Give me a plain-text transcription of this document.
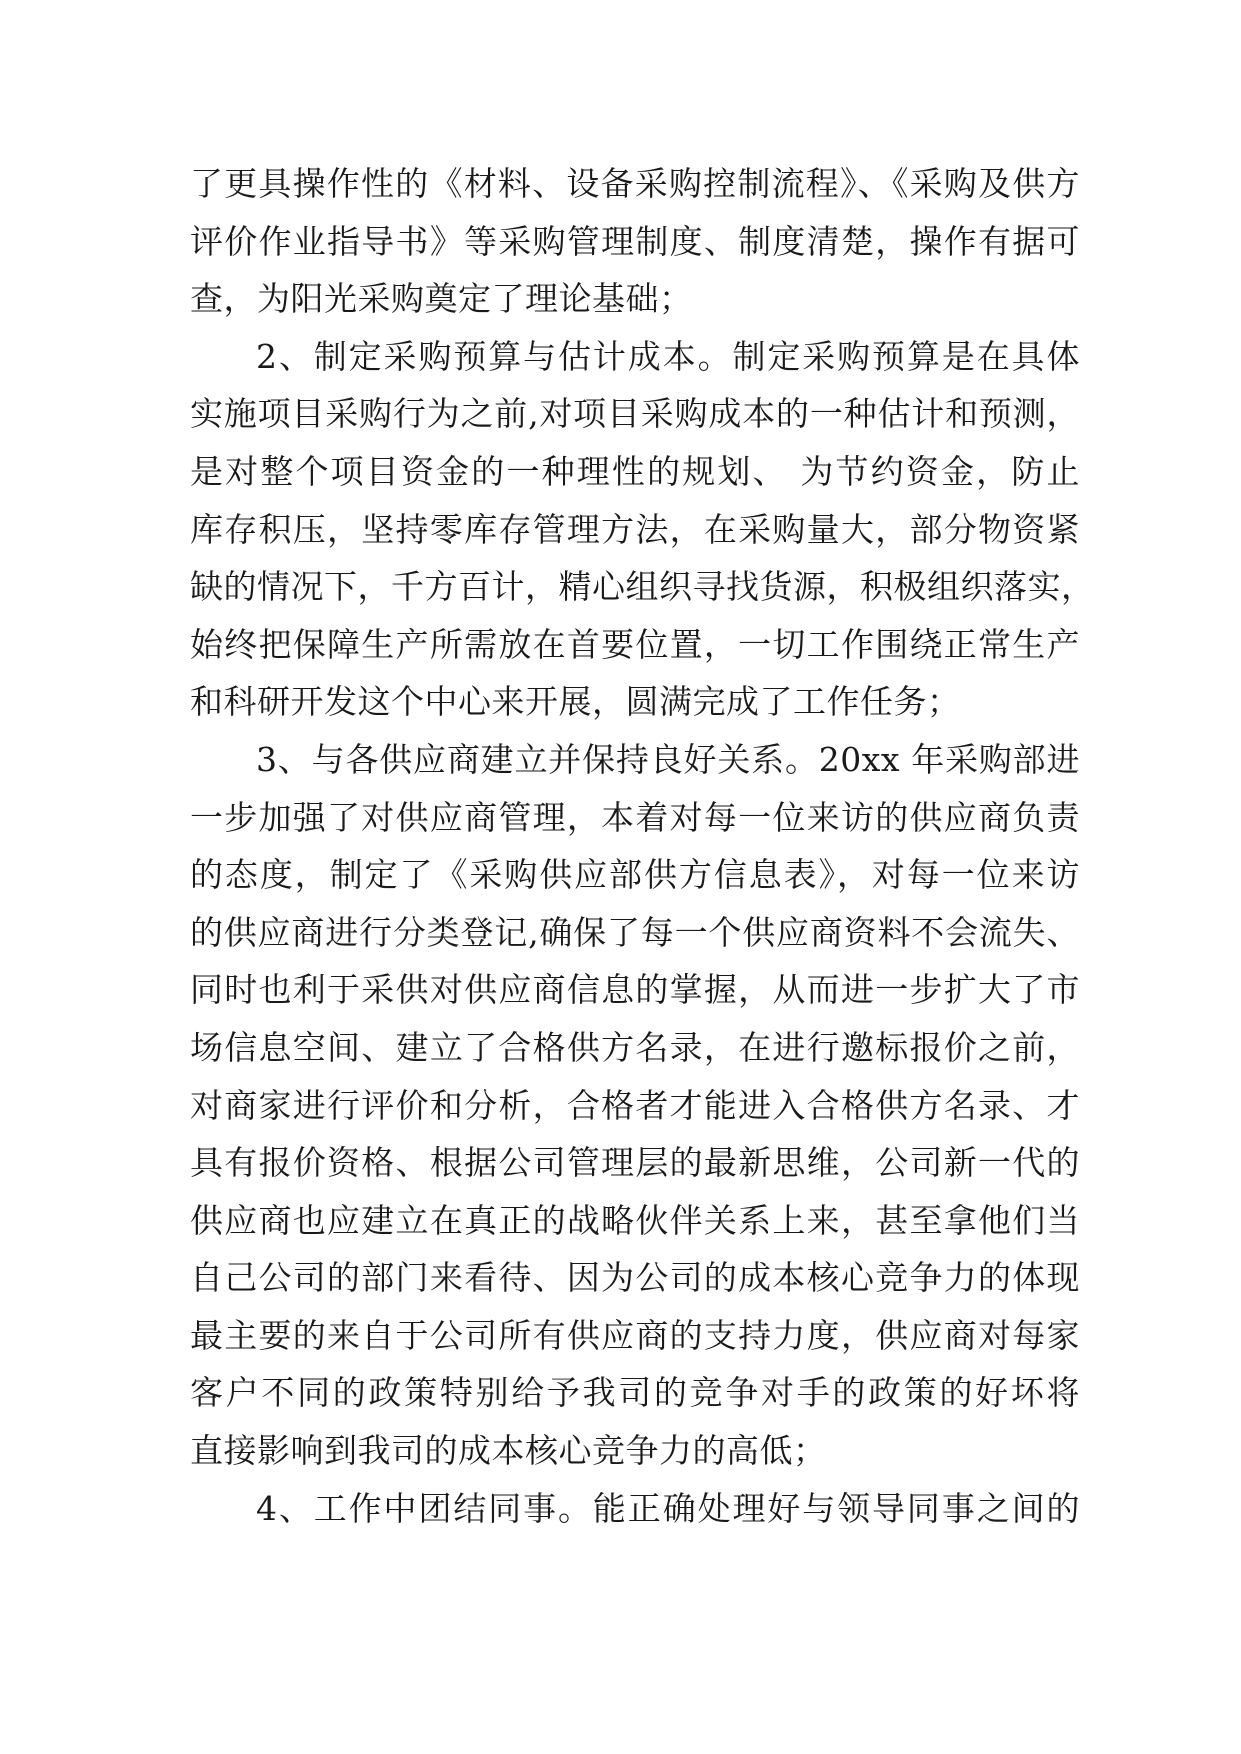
了更具操作性的《材料、设备采购控制流程》、《采购及供方
评价作业指导书》等采购管理制度、制度清楚，操作有据可
查，为阳光采购奠定了理论基础；
2、制定采购预算与估计成本。制定采购预算是在具体
实施项目采购行为之前,对项目采购成本的一种估计和预测，
是对整个项目资金的一种理性的规划、 为节约资金，防止
库存积压，坚持零库存管理方法，在采购量大，部分物资紧
缺的情况下，千方百计，精心组织寻找货源，积极组织落实，
始终把保障生产所需放在首要位置，一切工作围绕正常生产
和科研开发这个中心来开展，圆满完成了工作任务；
3、与各供应商建立并保持良好关系。20xx 年采购部进
一步加强了对供应商管理，本着对每一位来访的供应商负责
的态度，制定了《采购供应部供方信息表》，对每一位来访
的供应商进行分类登记,确保了每一个供应商资料不会流失、
同时也利于采供对供应商信息的掌握，从而进一步扩大了市
场信息空间、建立了合格供方名录，在进行邀标报价之前，
对商家进行评价和分析，合格者才能进入合格供方名录、才
具有报价资格、根据公司管理层的最新思维，公司新一代的
供应商也应建立在真正的战略伙伴关系上来，甚至拿他们当
自己公司的部门来看待、因为公司的成本核心竞争力的体现
最主要的来自于公司所有供应商的支持力度，供应商对每家
客户不同的政策特别给予我司的竞争对手的政策的好坏将
直接影响到我司的成本核心竞争力的高低；
4、工作中团结同事。能正确处理好与领导同事之间的
